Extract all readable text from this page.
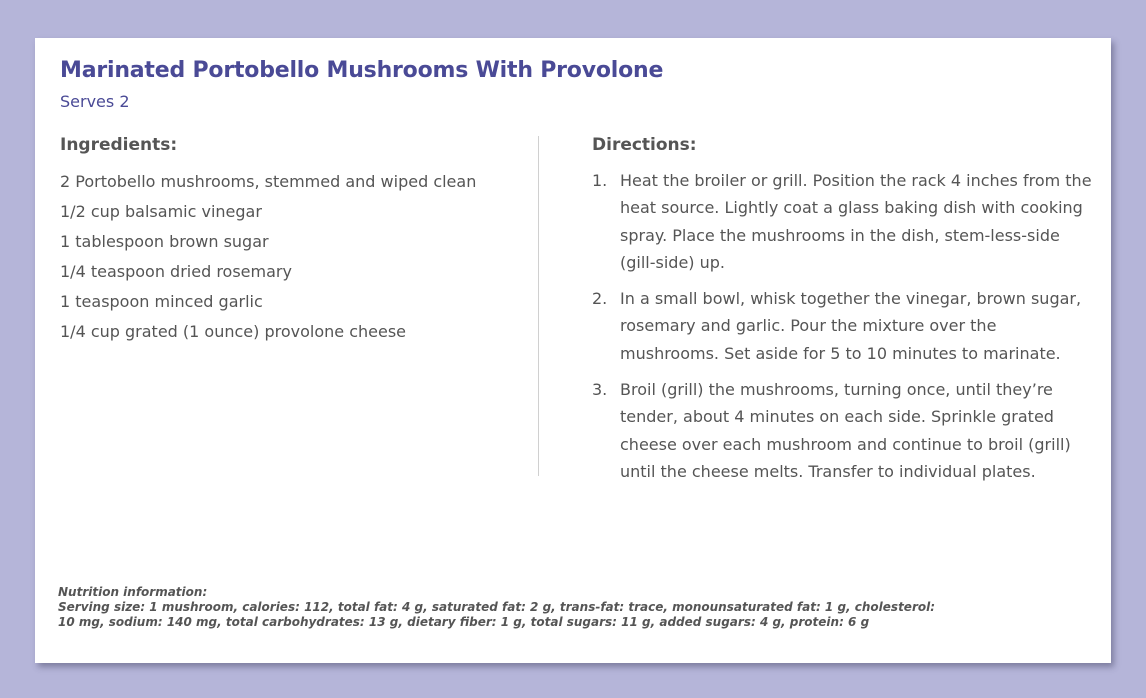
Marinated Portobello Mushrooms With Provolone
Serves 2
Ingredients:
2 Portobello mushrooms, stemmed and wiped clean
1/2 cup balsamic vinegar
1 tablespoon brown sugar
1/4 teaspoon dried rosemary
1 teaspoon minced garlic
1/4 cup grated (1 ounce) provolone cheese
Directions:
1. Heat the broiler or grill. Position the rack 4 inches from the heat source. Lightly coat a glass baking dish with cooking spray. Place the mushrooms in the dish, stem-less-side (gill-side) up.
2. In a small bowl, whisk together the vinegar, brown sugar, rosemary and garlic. Pour the mixture over the mushrooms. Set aside for 5 to 10 minutes to marinate.
3. Broil (grill) the mushrooms, turning once, until they’re tender, about 4 minutes on each side. Sprinkle grated cheese over each mushroom and continue to broil (grill) until the cheese melts. Transfer to individual plates.
Nutrition information:
Serving size: 1 mushroom, calories: 112, total fat: 4 g, saturated fat: 2 g, trans-fat: trace, monounsaturated fat: 1 g, cholesterol:
10 mg, sodium: 140 mg, total carbohydrates: 13 g, dietary fiber: 1 g, total sugars: 11 g, added sugars: 4 g, protein: 6 g
